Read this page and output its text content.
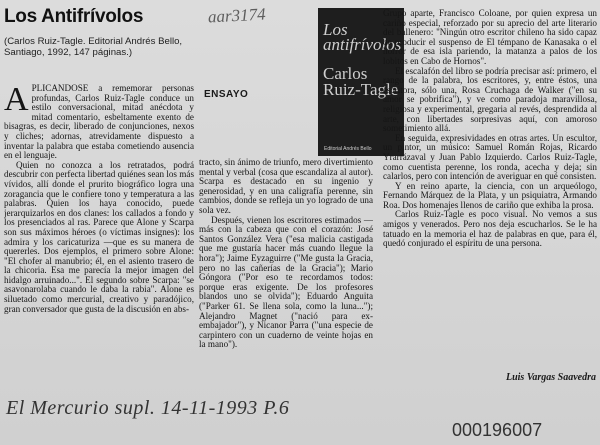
Los Antifrívolos
(Carlos Ruiz-Tagle. Editorial Andrés Bello, Santiago, 1992, 147 páginas.)
aar3174
ENSAYO
Los antifrívolos
Carlos Ruiz-Tagle
Editorial Andrés Bello

APLICANDOSE a rememorar personas profundas, Carlos Ruiz-Tagle conduce un estilo conversacional, mitad anécdota y mitad comentario, esbeltamente exento de bisagras, es decir, liberado de conjunciones, nexos y cliches; adornas, atrevidamente dispuesto a inventar la palabra que estaba cometiendo ausencia en el lenguaje.

Quien no conozca a los retratados, podrá descubrir con perfecta libertad quiénes sean los más vívidos, allí donde el prurito biográfico logra una zoragancia que le confiere tono y temperatura a las palabras. Quien los haya conocido, puede jerarquizarlos en dos clanes: los callados a fondo y los presenciados al ras. Parece que Alone y Scarpa son sus máximos héroes (o víctimas insignes): los admira y los caricaturiza —que es su manera de quererles. Dos ejemplos, el primero sobre Alone: "El chofer al manubrio; él, en el asiento trasero de la chicoria. Esa me parecía la mejor imagen del hidalgo arruinado...". El segundo sobre Scarpa: "se asavonarolaba cuando le daba la rabia". Alone es siluetado como mercurial, creativo y paradójico, gran conversador que gusta de la discusión en abs-

tracto, sin ánimo de triunfo, mero divertimiento mental y verbal (cosa que escandaliza al autor). Scarpa es destacado en su ingenio y generosidad, y en una caligrafía perenne, sin cambios, donde se refleja un yo logrado de una sola vez.

Después, vienen los escritores estimados —más con la cabeza que con el corazón: José Santos González Vera ("esa malicia castigada que me gustaría hacer más cuando llegue la hora"); Jaime Eyzaguirre ("Me gusta la Gracia, pero no las cañerías de la Gracia"); Mario Góngora ("Por eso te recordamos todos: porque eras exigente. De los profesores blandos uno se olvida"); Eduardo Anguita ("Parker 61. Se llena sola, como la luna..."); Alejandro Magnet ("nació para ex-embajador"), y Nicanor Parra ("una especie de carpintero con un cuaderno de veinte hojas en la mano").

Grupo aparte, Francisco Coloane, por quien expresa un cariño especial, reforzado por su aprecio del arte literario del ballenero: "Ningún otro escritor chileno ha sido capaz de producir el suspenso de El témpano de Kanasaka o el horror de esa isla pariendo, la matanza a palos de los lobitos en Cabo de Hornos".

El escalafón del libro se podría precisar así: primero, el rango de la palabra, los escritores, y, entre éstos, una escritora, sólo una, Rosa Cruchaga de Walker ("en su amor se pobrifica"), y ve como paradoja maravillosa, religiosa y experimental, gregaria al revés, desprendida al arte, con libertades sorpresivas aquí, con amoroso sometimiento allá.

En seguida, expresividades en otras artes. Un escultor, un pintor, un músico: Samuel Román Rojas, Ricardo Yrarrázaval y Juan Pablo Izquierdo. Carlos Ruiz-Tagle, como cuentista perenne, los ronda, acecha y deja; sin calarlos, pero con intención de averiguar en qué consisten.

Y en reino aparte, la ciencia, con un arqueólogo, Fernando Márquez de la Plata, y un psiquiatra, Armando Roa. Dos homenajes llenos de cariño que exhiba la prosa.

Carlos Ruiz-Tagle es poco visual. No vemos a sus amigos y venerados. Pero nos deja escucharlos. Se le ha tatuado en la memoria el haz de palabras en que, para él, quedó conjurado el espíritu de una persona.

Luis Vargas Saavedra
El Mercurio supl. 14-11-1993 P.6
000196007
